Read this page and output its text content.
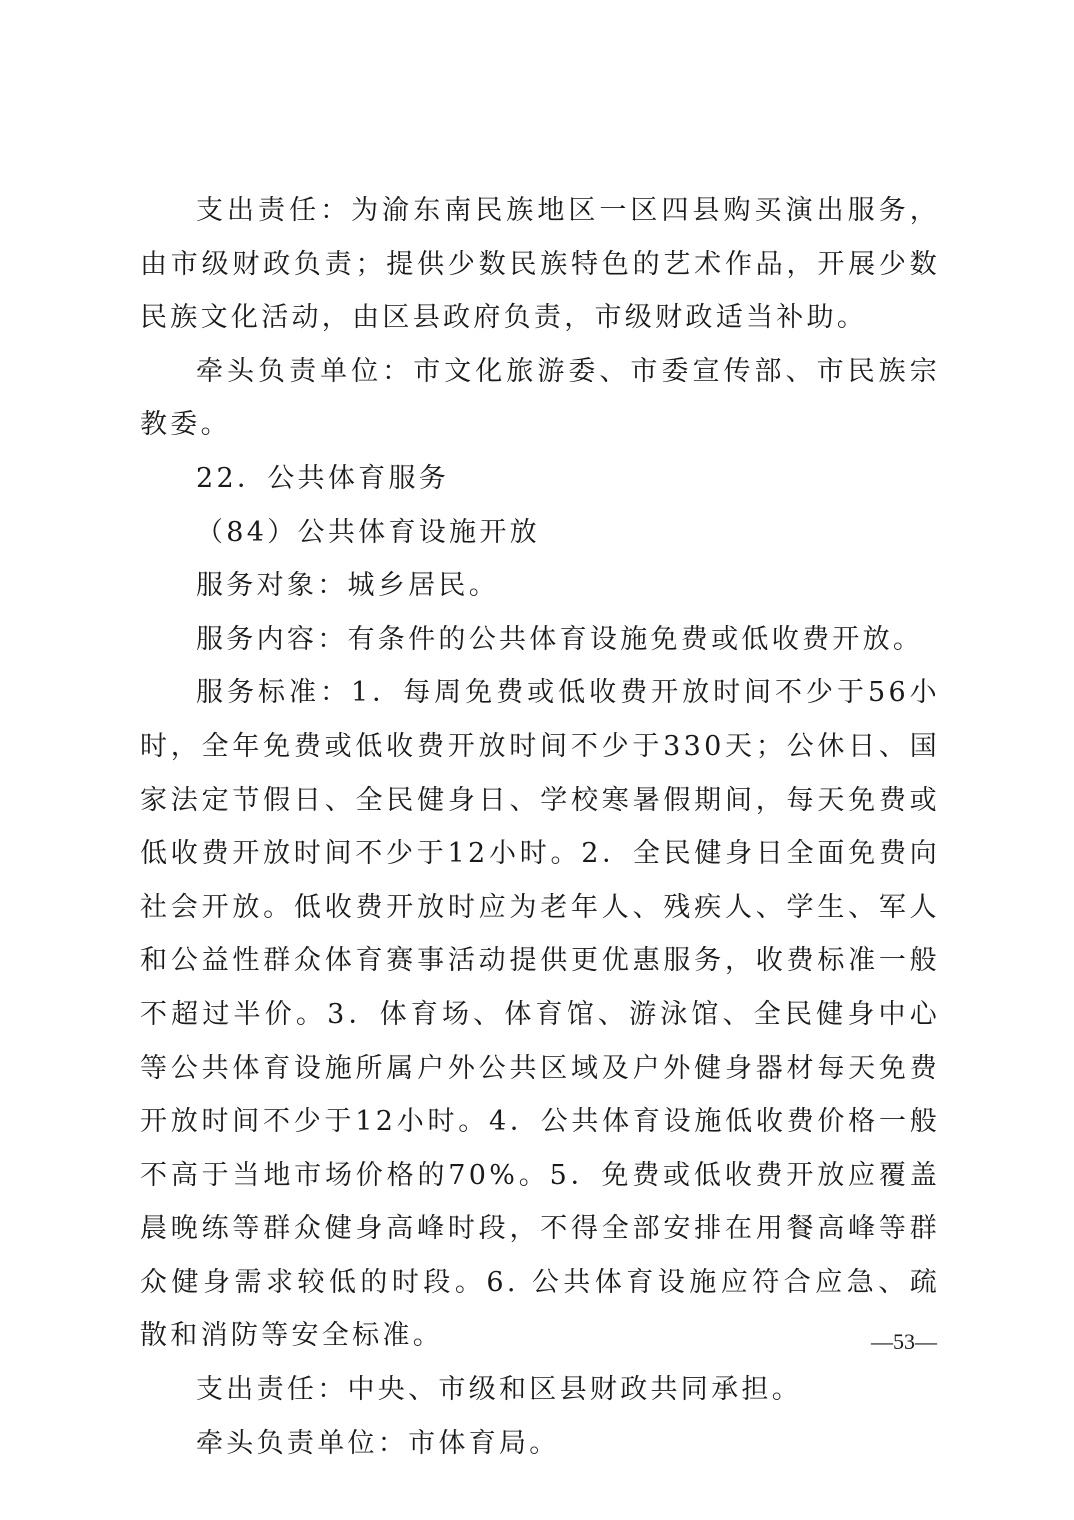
支出责任：为渝东南民族地区一区四县购买演出服务，由市级财政负责；提供少数民族特色的艺术作品，开展少数民族文化活动，由区县政府负责，市级财政适当补助。

牵头负责单位：市文化旅游委、市委宣传部、市民族宗教委。

22．公共体育服务

（84）公共体育设施开放

服务对象：城乡居民。

服务内容：有条件的公共体育设施免费或低收费开放。

服务标准：1．每周免费或低收费开放时间不少于56小时，全年免费或低收费开放时间不少于330天；公休日、国家法定节假日、全民健身日、学校寒暑假期间，每天免费或低收费开放时间不少于12小时。2．全民健身日全面免费向社会开放。低收费开放时应为老年人、残疾人、学生、军人和公益性群众体育赛事活动提供更优惠服务，收费标准一般不超过半价。3．体育场、体育馆、游泳馆、全民健身中心等公共体育设施所属户外公共区域及户外健身器材每天免费开放时间不少于12小时。4．公共体育设施低收费价格一般不高于当地市场价格的70%。5．免费或低收费开放应覆盖晨晚练等群众健身高峰时段，不得全部安排在用餐高峰等群众健身需求较低的时段。6. 公共体育设施应符合应急、疏散和消防等安全标准。

支出责任：中央、市级和区县财政共同承担。

牵头负责单位：市体育局。

—53—
